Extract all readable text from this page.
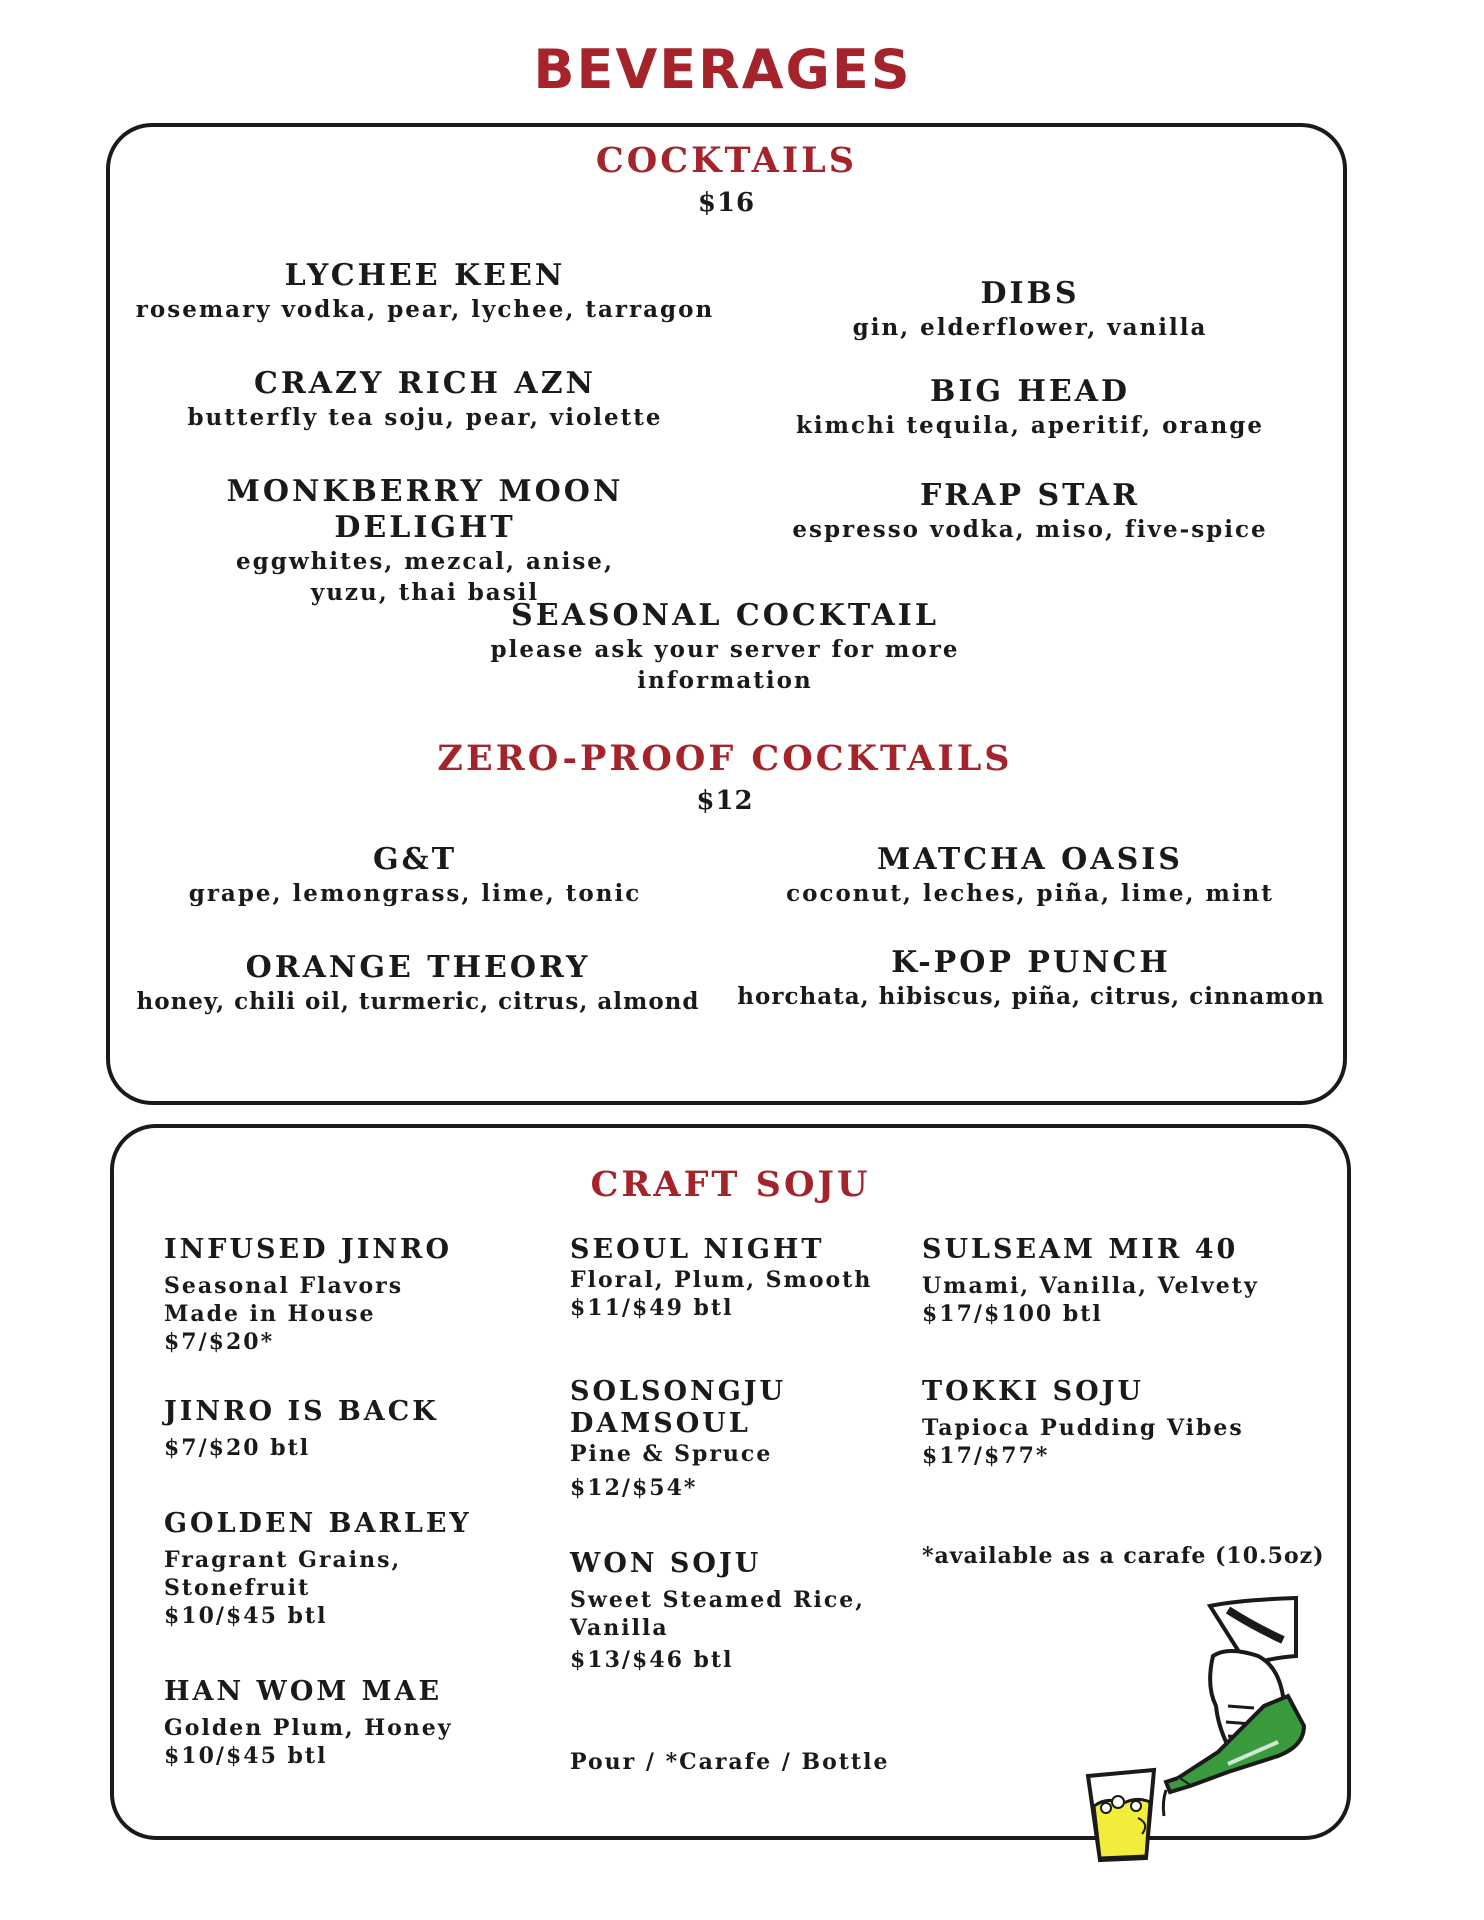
BEVERAGES
COCKTAILS
$16
LYCHEE KEEN
rosemary vodka, pear, lychee, tarragon	DIBS
gin, elderflower, vanilla
CRAZY RICH AZN
butterfly tea soju, pear, violette
BIG HEAD
kimchi tequila, aperitif, orange
MONKBERRY MOON DELIGHT
eggwhites, mezcal, anise,
yuzu, thai basil
FRAP STAR
espresso vodka, miso, five-spice
SEASONAL COCKTAIL
please ask your server for more
information
ZERO-PROOF COCKTAILS
$12
G&T
grape, lemongrass, lime, tonic
MATCHA OASIS
coconut, leches, piña, lime, mint
ORANGE THEORY
honey, chili oil, turmeric, citrus, almond
K-POP PUNCH
horchata, hibiscus, piña, citrus, cinnamon
CRAFT SOJU
INFUSED JINRO
Seasonal Flavors
Made in House
$7/$20*
JINRO IS BACK
$7/$20 btl
GOLDEN BARLEY
Fragrant Grains,
Stonefruit
$10/$45 btl
HAN WOM MAE
Golden Plum, Honey
$10/$45 btl
SEOUL NIGHT
Floral, Plum, Smooth
$11/$49 btl
SOLSONGJU
DAMSOUL
Pine & Spruce
$12/$54*
WON SOJU
Sweet Steamed Rice,
Vanilla
$13/$46 btl
Pour / *Carafe / Bottle
SULSEAM MIR 40
Umami, Vanilla, Velvety
$17/$100 btl
TOKKI SOJU
Tapioca Pudding Vibes
$17/$77*
*available as a carafe (10.5oz)
